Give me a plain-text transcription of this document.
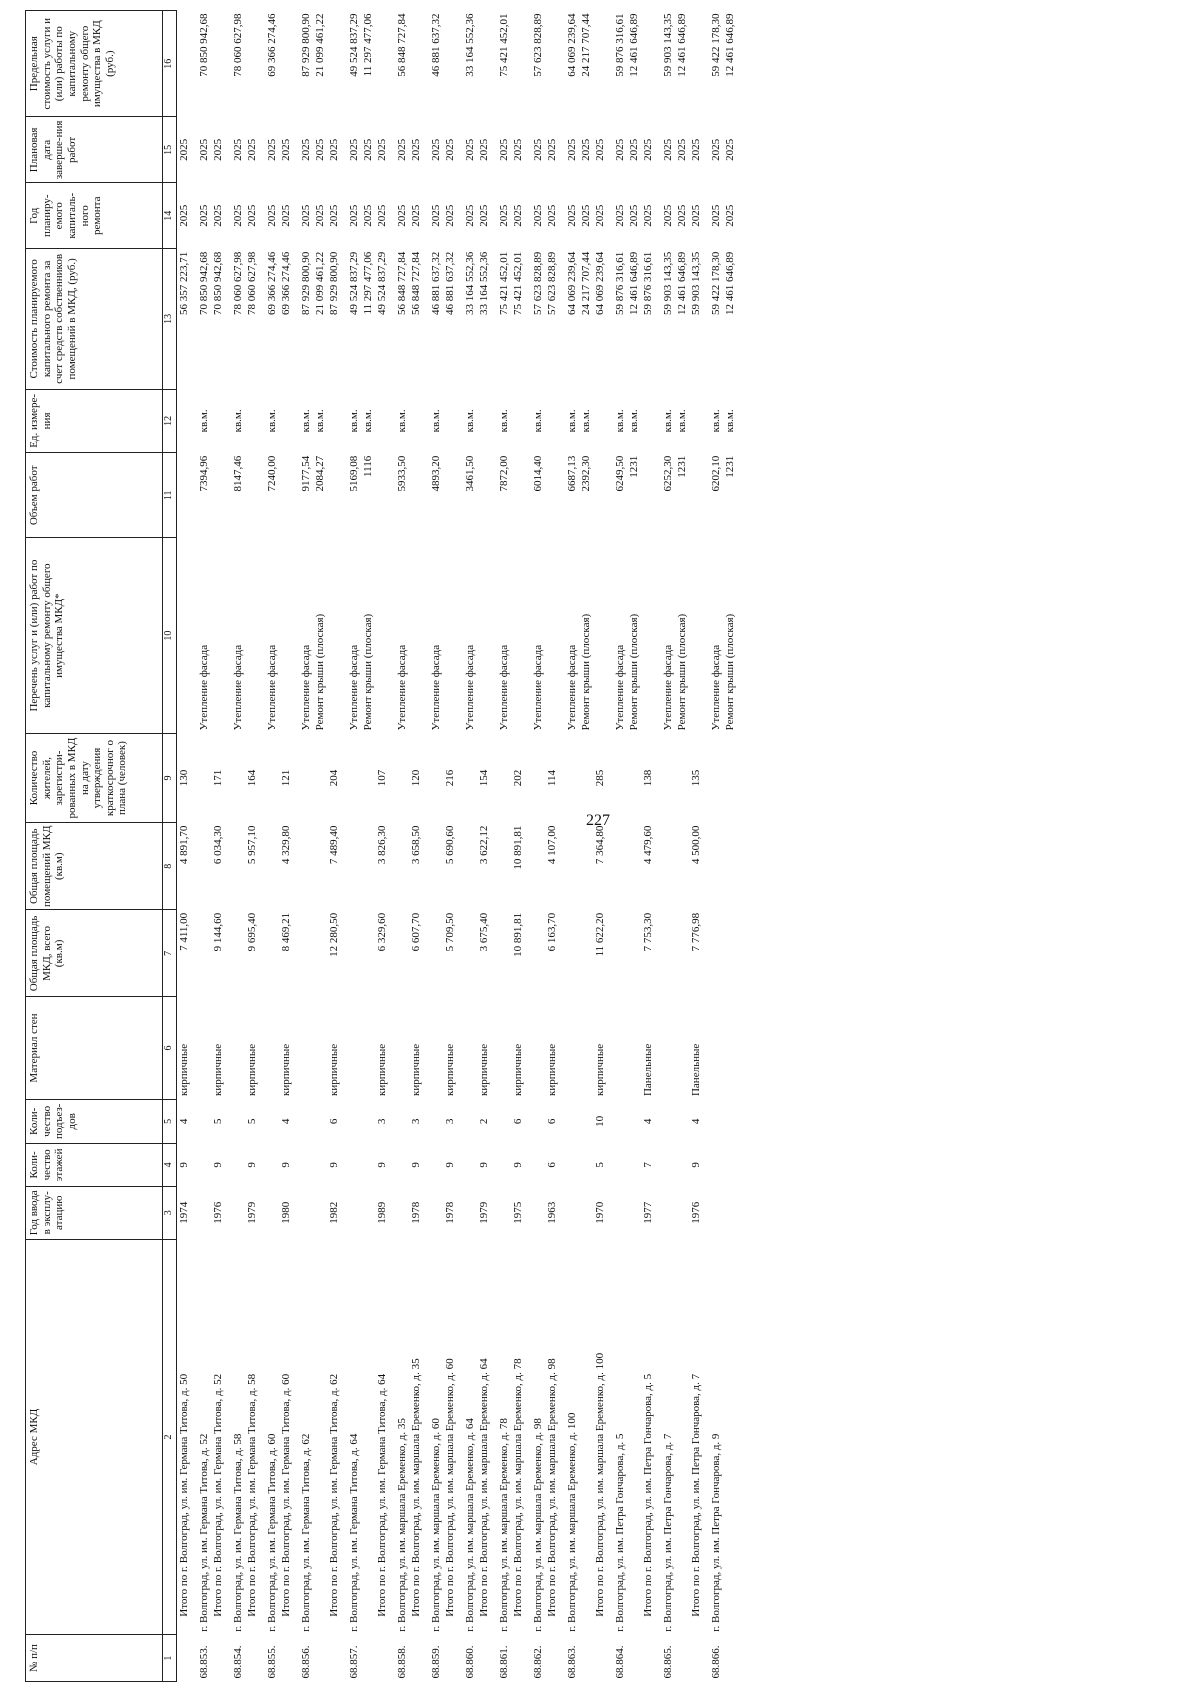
227
№ п/п	Адрес МКД	Год ввода в эксплу-атацию	Коли-чество этажей	Коли-чество подъез-дов	Материал стен	Общая площадь МКД, всего (кв.м)	Общая площадь помещений МКД (кв.м)	Количество жителей, зарегистри-рованных в МКД на дату утверждения краткосрочног о плана (человек)	Перечень услуг и (или) работ по капитальному ремонту общего имущества МКД*	Объем работ	Ед. измере-ния	Стоимость планируемого капитального ремонта за счет средств собственников помещений в МКД, (руб.)	Год планиру-емого капиталь-ного ремонта	Плановая дата заверше-ния работ	Предельная стоимость услуги и (или) работы по капитальному ремонту общего имущества в МКД (руб.)
1	2	3	4	5	6	7	8	9	10	11	12	13	14	15	16
	Итого по г. Волгоград, ул. им. Германа Титова, д. 50	1974	9	4	кирпичные	7 411,00	4 891,70	130				56 357 223,71	2025	2025	

68.853.	г. Волгоград, ул. им. Германа Титова, д. 52								Утепление фасада	7394,96	кв.м.	70 850 942,68	2025	2025	70 850 942,68
	Итого по г. Волгоград, ул. им. Германа Титова, д. 52	1976	9	5	кирпичные	9 144,60	6 034,30	171				70 850 942,68	2025	2025	

68.854.	г. Волгоград, ул. им. Германа Титова, д. 58								Утепление фасада	8147,46	кв.м.	78 060 627,98	2025	2025	78 060 627,98
	Итого по г. Волгоград, ул. им. Германа Титова, д. 58	1979	9	5	кирпичные	9 695,40	5 957,10	164				78 060 627,98	2025	2025	

68.855.	г. Волгоград, ул. им. Германа Титова, д. 60								Утепление фасада	7240,00	кв.м.	69 366 274,46	2025	2025	69 366 274,46
	Итого по г. Волгоград, ул. им. Германа Титова, д. 60	1980	9	4	кирпичные	8 469,21	4 329,80	121				69 366 274,46	2025	2025	

68.856.	г. Волгоград, ул. им. Германа Титова, д. 62								Утепление фасада	9177,54	кв.м.	87 929 800,90	2025	2025	87 929 800,90
									Ремонт крыши (плоская)	2084,27	кв.м.	21 099 461,22	2025	2025	21 099 461,22
	Итого по г. Волгоград, ул. им. Германа Титова, д. 62	1982	9	6	кирпичные	12 280,50	7 489,40	204				87 929 800,90	2025	2025	

68.857.	г. Волгоград, ул. им. Германа Титова, д. 64								Утепление фасада	5169,08	кв.м.	49 524 837,29	2025	2025	49 524 837,29
									Ремонт крыши (плоская)	1116	кв.м.	11 297 477,06	2025	2025	11 297 477,06
	Итого по г. Волгоград, ул. им. Германа Титова, д. 64	1989	9	3	кирпичные	6 329,60	3 826,30	107				49 524 837,29	2025	2025	

68.858.	г. Волгоград, ул. им. маршала Еременко, д. 35								Утепление фасада	5933,50	кв.м.	56 848 727,84	2025	2025	56 848 727,84
	Итого по г. Волгоград, ул. им. маршала Еременко, д. 35	1978	9	3	кирпичные	6 607,70	3 658,50	120				56 848 727,84	2025	2025	

68.859.	г. Волгоград, ул. им. маршала Еременко, д. 60								Утепление фасада	4893,20	кв.м.	46 881 637,32	2025	2025	46 881 637,32
	Итого по г. Волгоград, ул. им. маршала Еременко, д. 60	1978	9	3	кирпичные	5 709,50	5 690,60	216				46 881 637,32	2025	2025	

68.860.	г. Волгоград, ул. им. маршала Еременко, д. 64								Утепление фасада	3461,50	кв.м.	33 164 552,36	2025	2025	33 164 552,36
	Итого по г. Волгоград, ул. им. маршала Еременко, д. 64	1979	9	2	кирпичные	3 675,40	3 622,12	154				33 164 552,36	2025	2025	

68.861.	г. Волгоград, ул. им. маршала Еременко, д. 78								Утепление фасада	7872,00	кв.м.	75 421 452,01	2025	2025	75 421 452,01
	Итого по г. Волгоград, ул. им. маршала Еременко, д. 78	1975	9	6	кирпичные	10 891,81	10 891,81	202				75 421 452,01	2025	2025	

68.862.	г. Волгоград, ул. им. маршала Еременко, д. 98								Утепление фасада	6014,40	кв.м.	57 623 828,89	2025	2025	57 623 828,89
	Итого по г. Волгоград, ул. им. маршала Еременко, д. 98	1963	6	6	кирпичные	6 163,70	4 107,00	114				57 623 828,89	2025	2025	

68.863.	г. Волгоград, ул. им. маршала Еременко, д. 100								Утепление фасада	6687,13	кв.м.	64 069 239,64	2025	2025	64 069 239,64
									Ремонт крыши (плоская)	2392,30	кв.м.	24 217 707,44	2025	2025	24 217 707,44
	Итого по г. Волгоград, ул. им. маршала Еременко, д. 100	1970	5	10	кирпичные	11 622,20	7 364,80	285				64 069 239,64	2025	2025	

68.864.	г. Волгоград, ул. им. Петра Гончарова, д. 5								Утепление фасада	6249,50	кв.м.	59 876 316,61	2025	2025	59 876 316,61
									Ремонт крыши (плоская)	1231	кв.м.	12 461 646,89	2025	2025	12 461 646,89
	Итого по г. Волгоград, ул. им. Петра Гончарова, д. 5	1977	7	4	Панельные	7 753,30	4 479,60	138				59 876 316,61	2025	2025	

68.865.	г. Волгоград, ул. им. Петра Гончарова, д. 7								Утепление фасада	6252,30	кв.м.	59 903 143,35	2025	2025	59 903 143,35
									Ремонт крыши (плоская)	1231	кв.м.	12 461 646,89	2025	2025	12 461 646,89
	Итого по г. Волгоград, ул. им. Петра Гончарова, д. 7	1976	9	4	Панельные	7 776,98	4 500,00	135				59 903 143,35	2025	2025	

68.866.	г. Волгоград, ул. им. Петра Гончарова, д. 9								Утепление фасада	6202,10	кв.м.	59 422 178,30	2025	2025	59 422 178,30
									Ремонт крыши (плоская)	1231	кв.м.	12 461 646,89	2025	2025	12 461 646,89
